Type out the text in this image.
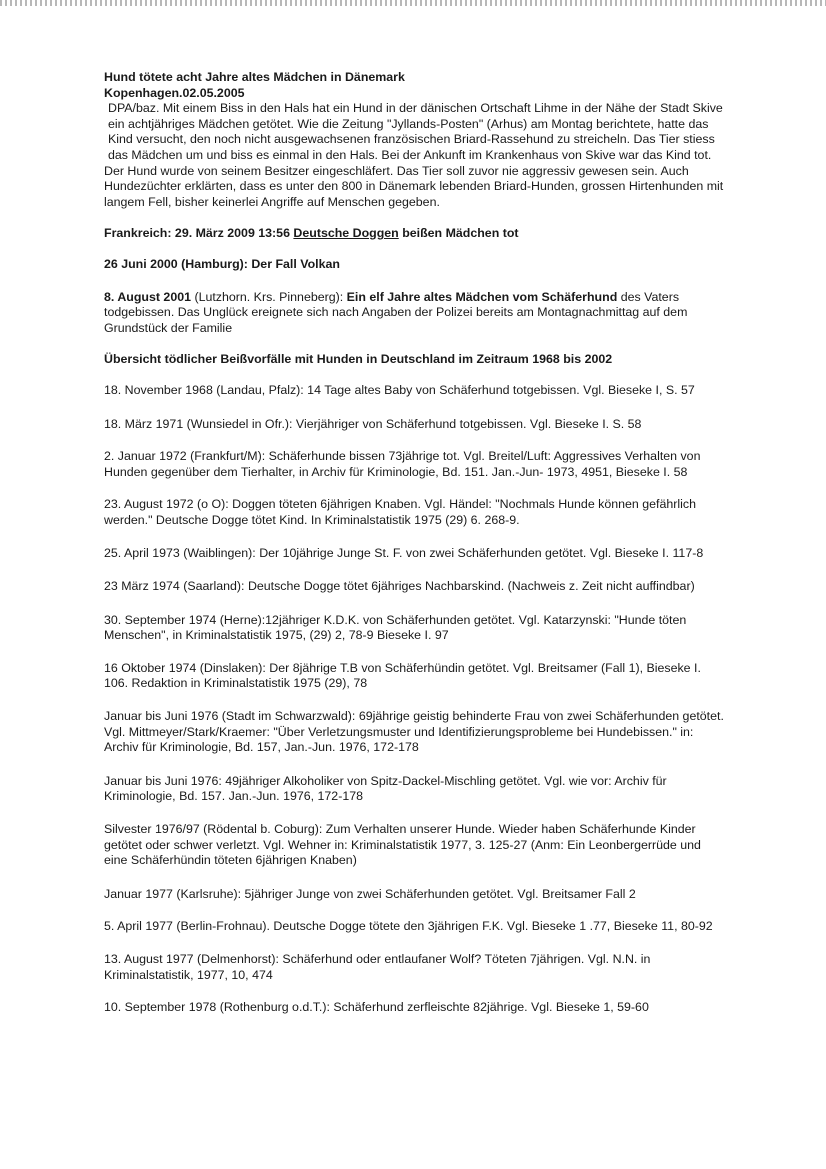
Hund tötete acht Jahre altes Mädchen in Dänemark

Kopenhagen.02.05.2005

DPA/baz. Mit einem Biss in den Hals hat ein Hund in der dänischen Ortschaft Lihme in der Nähe der Stadt Skive ein achtjähriges Mädchen getötet. Wie die Zeitung "Jyllands-Posten" (Arhus) am Montag berichtete, hatte das Kind versucht, den noch nicht ausgewachsenen französischen Briard-Rassehund zu streicheln. Das Tier stiess das Mädchen um und biss es einmal in den Hals. Bei der Ankunft im Krankenhaus von Skive war das Kind tot.

Der Hund wurde von seinem Besitzer eingeschläfert. Das Tier soll zuvor nie aggressiv gewesen sein. Auch Hundezüchter erklärten, dass es unter den 800 in Dänemark lebenden Briard-Hunden, grossen Hirtenhunden mit langem Fell, bisher keinerlei Angriffe auf Menschen gegeben.

Frankreich: 29. März 2009 13:56 Deutsche Doggen beißen Mädchen tot

26 Juni 2000 (Hamburg): Der Fall Volkan

8. August 2001 (Lutzhorn. Krs. Pinneberg): Ein elf Jahre altes Mädchen vom Schäferhund des Vaters todgebissen. Das Unglück ereignete sich nach Angaben der Polizei bereits am Montagnachmittag auf dem Grundstück der Familie

Übersicht tödlicher Beißvorfälle mit Hunden in Deutschland im Zeitraum 1968 bis 2002

18. November 1968 (Landau, Pfalz): 14 Tage altes Baby von Schäferhund totgebissen. Vgl. Bieseke I, S. 57

18. März 1971 (Wunsiedel in Ofr.): Vierjähriger von Schäferhund totgebissen. Vgl. Bieseke I. S. 58

2. Januar 1972 (Frankfurt/M): Schäferhunde bissen 73jährige tot. Vgl. Breitel/Luft: Aggressives Verhalten von Hunden gegenüber dem Tierhalter, in Archiv für Kriminologie, Bd. 151. Jan.-Jun- 1973, 4951, Bieseke I. 58

23. August 1972 (o O): Doggen töteten 6jährigen Knaben. Vgl. Händel: "Nochmals Hunde können gefährlich werden." Deutsche Dogge tötet Kind. In Kriminalstatistik 1975 (29) 6. 268-9.

25. April 1973 (Waiblingen): Der 10jährige Junge St. F. von zwei Schäferhunden getötet. Vgl. Bieseke I. 117-8

23 März 1974 (Saarland): Deutsche Dogge tötet 6jähriges Nachbarskind. (Nachweis z. Zeit nicht auffindbar)

30. September 1974 (Herne):12jähriger K.D.K. von Schäferhunden getötet. Vgl. Katarzynski: "Hunde töten Menschen", in Kriminalstatistik 1975, (29) 2, 78-9 Bieseke I. 97

16 Oktober 1974 (Dinslaken): Der 8jährige T.B von Schäferhündin getötet. Vgl. Breitsamer (Fall 1), Bieseke I. 106. Redaktion in Kriminalstatistik 1975 (29), 78

Januar bis Juni 1976 (Stadt im Schwarzwald): 69jährige geistig behinderte Frau von zwei Schäferhunden getötet. Vgl. Mittmeyer/Stark/Kraemer: "Über Verletzungsmuster und Identifizierungsprobleme bei Hundebissen." in: Archiv für Kriminologie, Bd. 157, Jan.-Jun. 1976, 172-178

Januar bis Juni 1976: 49jähriger Alkoholiker von Spitz-Dackel-Mischling getötet. Vgl. wie vor: Archiv für Kriminologie, Bd. 157. Jan.-Jun. 1976, 172-178

Silvester 1976/97 (Rödental b. Coburg): Zum Verhalten unserer Hunde. Wieder haben Schäferhunde Kinder getötet oder schwer verletzt. Vgl. Wehner in: Kriminalstatistik 1977, 3. 125-27 (Anm: Ein Leonbergerrüde und eine Schäferhündin töteten 6jährigen Knaben)

Januar 1977 (Karlsruhe): 5jähriger Junge von zwei Schäferhunden getötet. Vgl. Breitsamer Fall 2

5. April 1977 (Berlin-Frohnau). Deutsche Dogge tötete den 3jährigen F.K. Vgl. Bieseke 1 .77, Bieseke 11, 80-92

13. August 1977 (Delmenhorst): Schäferhund oder entlaufaner Wolf? Töteten 7jährigen. Vgl. N.N. in Kriminalstatistik, 1977, 10, 474

10. September 1978 (Rothenburg o.d.T.): Schäferhund zerfleischte 82jährige. Vgl. Bieseke 1, 59-60
